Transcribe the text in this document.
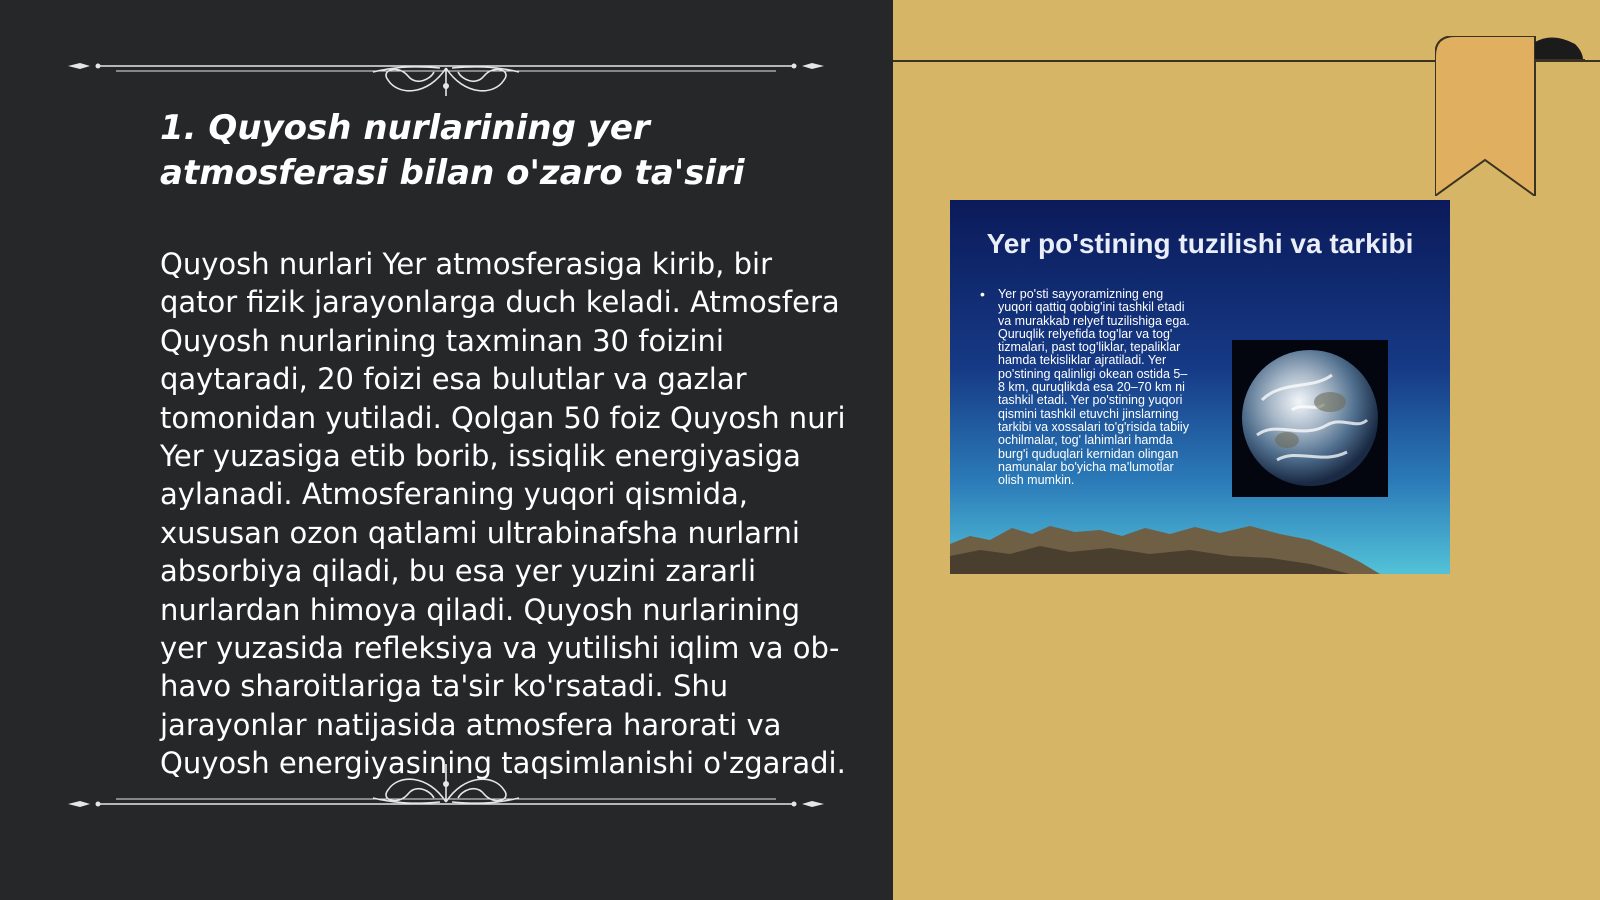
1. Quyosh nurlarining yer atmosferasi bilan o'zaro ta'siri

Quyosh nurlari Yer atmosferasiga kirib, bir qator fizik jarayonlarga duch keladi. Atmosfera Quyosh nurlarining taxminan 30 foizini qaytaradi, 20 foizi esa bulutlar va gazlar tomonidan yutiladi. Qolgan 50 foiz Quyosh nuri Yer yuzasiga etib borib, issiqlik energiyasiga aylanadi. Atmosferaning yuqori qismida, xususan ozon qatlami ultrabinafsha nurlarni absorbiya qiladi, bu esa yer yuzini zararli nurlardan himoya qiladi. Quyosh nurlarining yer yuzasida refleksiya va yutilishi iqlim va ob-havo sharoitlariga ta'sir ko'rsatadi. Shu jarayonlar natijasida atmosfera harorati va Quyosh energiyasining taqsimlanishi o'zgaradi.

Yer po'stining tuzilishi va tarkibi
•	Yer po'sti sayyoramizning eng yuqori qattiq qobig'ini tashkil etadi va murakkab relyef tuzilishiga ega. Quruqlik relyefida tog'lar va tog' tizmalari, past tog'liklar, tepaliklar hamda tekisliklar ajratiladi. Yer po'stining qalinligi okean ostida 5–8 km, quruqlikda esa 20–70 km ni tashkil etadi. Yer po'stining yuqori qismini tashkil etuvchi jinslarning tarkibi va xossalari to'g'risida tabiiy ochilmalar, tog' lahimlari hamda burg'i quduqlari kernidan olingan namunalar bo'yicha ma'lumotlar olish mumkin.
